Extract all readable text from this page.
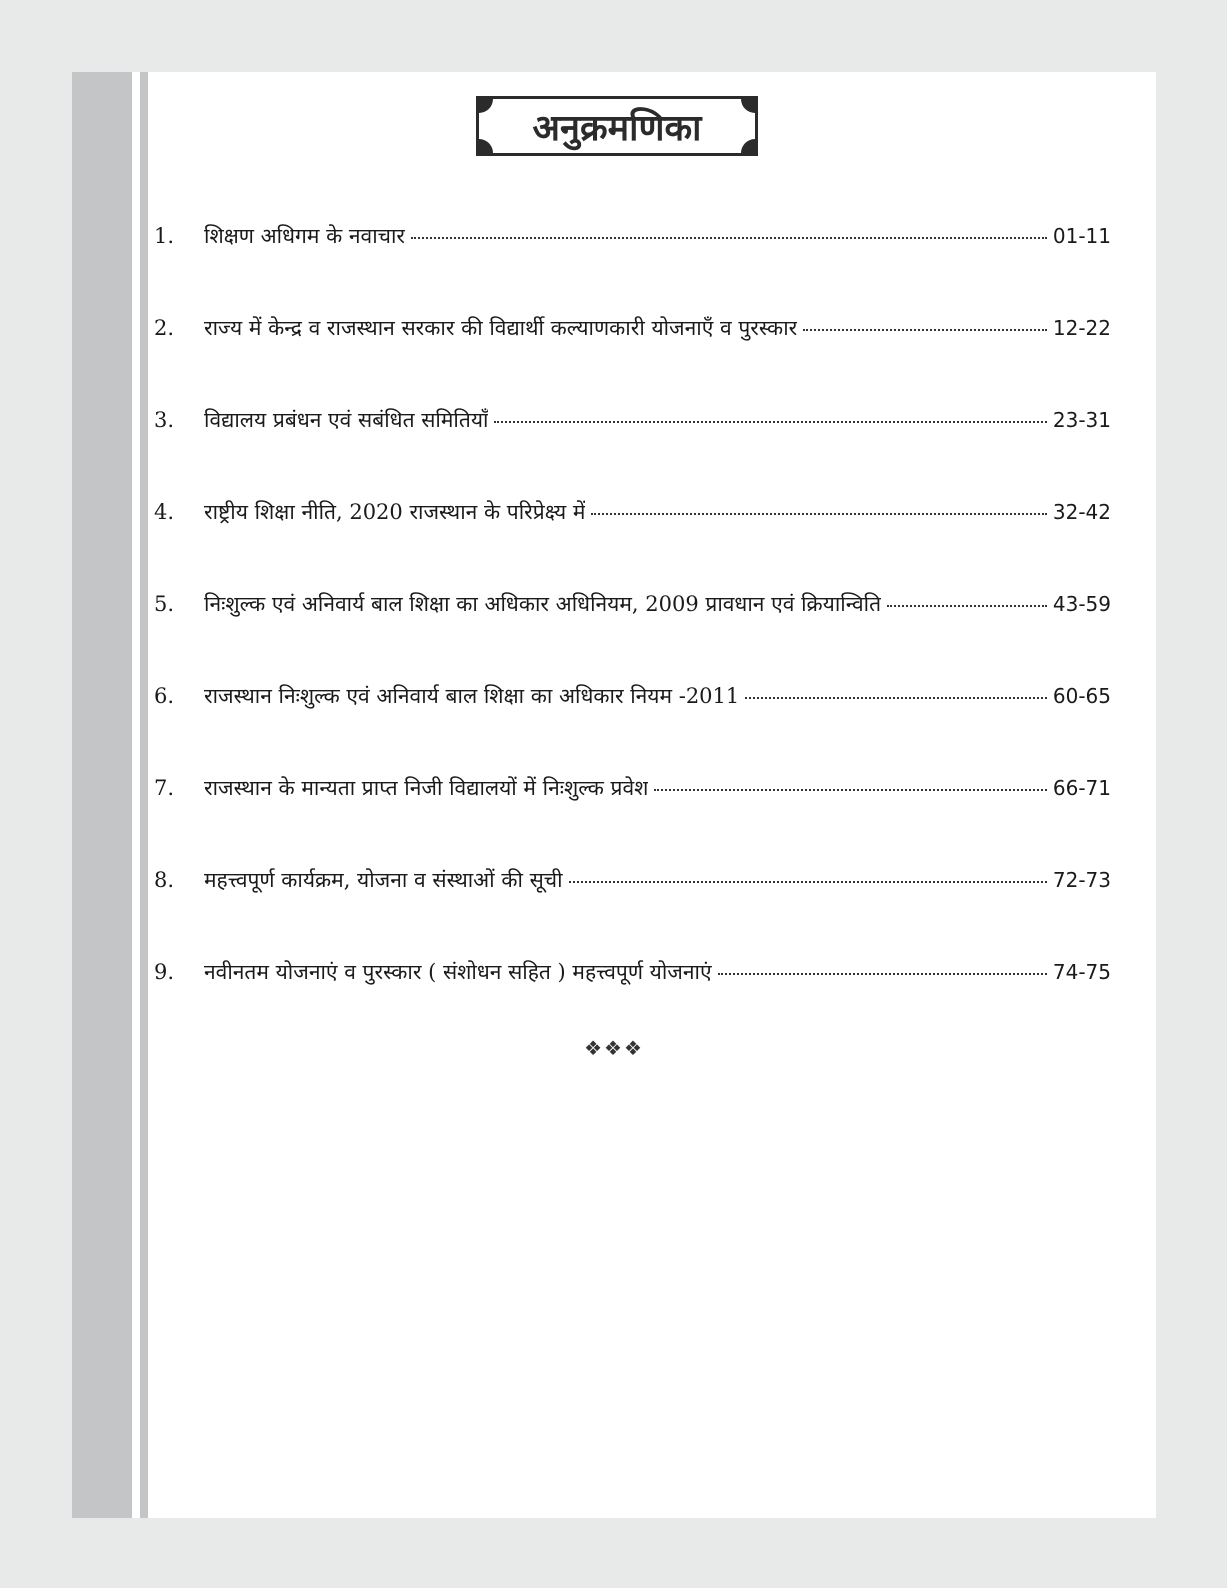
अनुक्रमणिका
1.	शिक्षण अधिगम के नवाचार	01-11
2.	राज्य में केन्द्र व राजस्थान सरकार की विद्यार्थी कल्याणकारी योजनाएँ व पुरस्कार	12-22
3.	विद्यालय प्रबंधन एवं सबंधित समितियाँ	23-31
4.	राष्ट्रीय शिक्षा नीति, 2020 राजस्थान के परिप्रेक्ष्य में	32-42
5.	निःशुल्क एवं अनिवार्य बाल शिक्षा का अधिकार अधिनियम, 2009 प्रावधान एवं क्रियान्विति	43-59
6.	राजस्थान निःशुल्क एवं अनिवार्य बाल शिक्षा का अधिकार नियम -2011	60-65
7.	राजस्थान के मान्यता प्राप्त निजी विद्यालयों में निःशुल्क प्रवेश	66-71
8.	महत्त्वपूर्ण कार्यक्रम, योजना व संस्थाओं की सूची	72-73
9.	नवीनतम योजनाएं व पुरस्कार ( संशोधन सहित ) महत्त्वपूर्ण योजनाएं	74-75
❖❖❖
